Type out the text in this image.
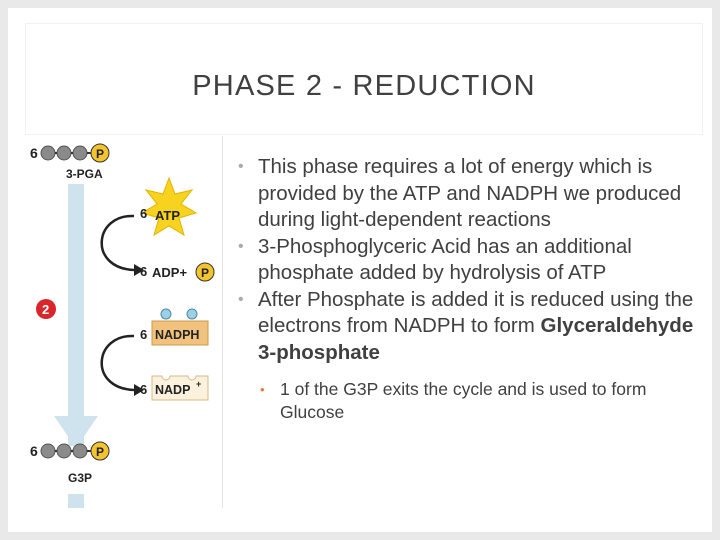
PHASE 2 - REDUCTION
6	P
3-PGA
6 ATP
6 ADP+ P
2
6 NADPH
6 NADP +
6	P
G3P
• This phase requires a lot of energy which is provided by the ATP and NADPH we produced during light-dependent reactions
• 3-Phosphoglyceric Acid has an additional phosphate added by hydrolysis of ATP
• After Phosphate is added it is reduced using the electrons from NADPH to form Glyceraldehyde 3-phosphate
• 1 of the G3P exits the cycle and is used to form Glucose
